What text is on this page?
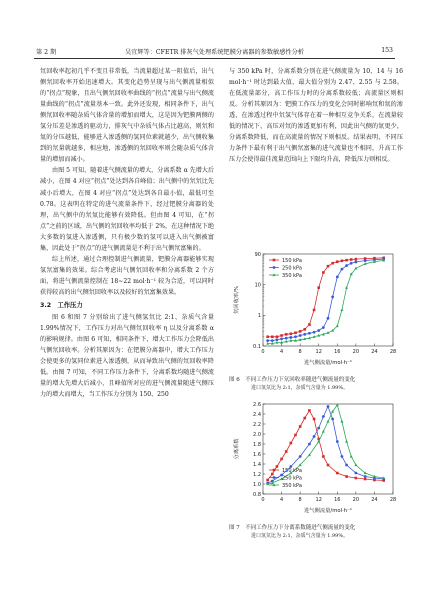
第 2 期	吴宜辉等：CFETR 排灰气处理系统钯膜分离器的参数敏感性分析	153

氘回收率起初几乎不变且非常低，当流量超过某一阻值后，出气侧氘回收率开始迅速增大。其变化趋势呈现与出气侧流量相似的“拐点”现象，且出气侧氘回收率曲线的“拐点”流量与出气侧流量曲线的“拐点”流量基本一致。此外还发现，相同条件下，出气侧氘回收率随杂质气体含量的增加而增大，这是因为钯膜两侧的氢分压差是渗透的驱动力，排灰气中杂质气体占比越高，则氘和氚的分压越低，能够进入渗透侧的氢同位素就越少，出气侧收集到的氘量就越多，相应地，渗透侧的氘回收率则会随杂质气体含量的增加而减小。

由图 5 可知，随着进气侧流量的增大，分离系数 α 先增大后减小，在图 4 对应“拐点”处达到各自峰值；出气侧中的氘氘比先减小后增大，在图 4 对应“拐点”处达到各自最小值，最低可至 0.78。这表明在特定的进气流量条件下，经过钯膜分离器的处理，出气侧中的氘氚比能够有效降低。但由图 4 可知，在“拐点”之前的区域，出气侧的氘回收率均低于 2%，在这种情况下绝大多数的氢进入渗透侧，只有极少数的氢可以进入出气侧被富集，因此处于“拐点”的进气侧流量是不利于出气侧氘富集的。

综上所述，通过合理控制进气侧流量，钯膜分离器能够实现氢氘富集的效果。综合考虑出气侧氘回收率和分离系数 2 个方面，将进气侧流量控制在 18~22 mol·h⁻¹ 较为合适，可以同时获得较高的出气侧氘回收率以及较好的氘富集效果。

3.2　工作压力

图 6 和图 7 分别给出了进气侧氢氘比 2:1、杂质气含量 1.99%情况下，工作压力对出气侧氘回收率 η 以及分离系数 α 的影响规律。由图 6 可知，相同条件下，增大工作压力会降低出气侧氘回收率。分析其原因为：在钯膜分离器中，增大工作压力会使更多的氢同位素进入渗透侧，从而导致出气侧的氘回收率降低。由图 7 可知，不同工作压力条件下，分离系数均随进气侧流量的增大先增大后减小，且峰值所对应的进气侧流量随进气侧压力的增大而增大，当工作压力分别为 150、250

与 350 kPa 时，分离系数分别在进气侧流量为 10、14 与 16 mol·h⁻¹ 时达到最大值，最大值分别为 2.47、2.55 与 2.58。在低流量部分，高工作压力时的分离系数较低；高流量区则相反。分析其原因为：钯膜工作压力的变化会同时影响氘和氚的渗透，在渗透过程中氘氢气体存在着一种相互竞争关系，在流量较低的情况下，高压对氘的渗透更加有利，因此出气侧的氚更少，分离系数降低，而在高流量的情况下则相反。结果表明，不同压力条件下最有利于出气侧氘富集的进气流量也不相同，升高工作压力会使得最佳流量范围向上下限均升高，降低压力则相反。

0	4	8	12 16 20 24 28
0.1
1
10
90
进气侧流量/mol·h⁻¹
氘回收率/%
150 kPa
250 kPa
350 kPa
图 6　不同工作压力下氘回收率随进气侧流量的变化
进口氢氘比为 2:1，杂质气含量为 1.99%。
0	4	8	12 16 20 24 28
0.8
1.0
1.2
1.4
1.6
1.8
2.0
2.2
2.4
2.6
进气侧流量/mol·h⁻¹
分离系数
150 kPa
250 kPa
350 kPa
图 7　不同工作压力下分离系数随进气侧流量的变化
进口氢氘比为 2:1，杂质气含量为 1.99%。
